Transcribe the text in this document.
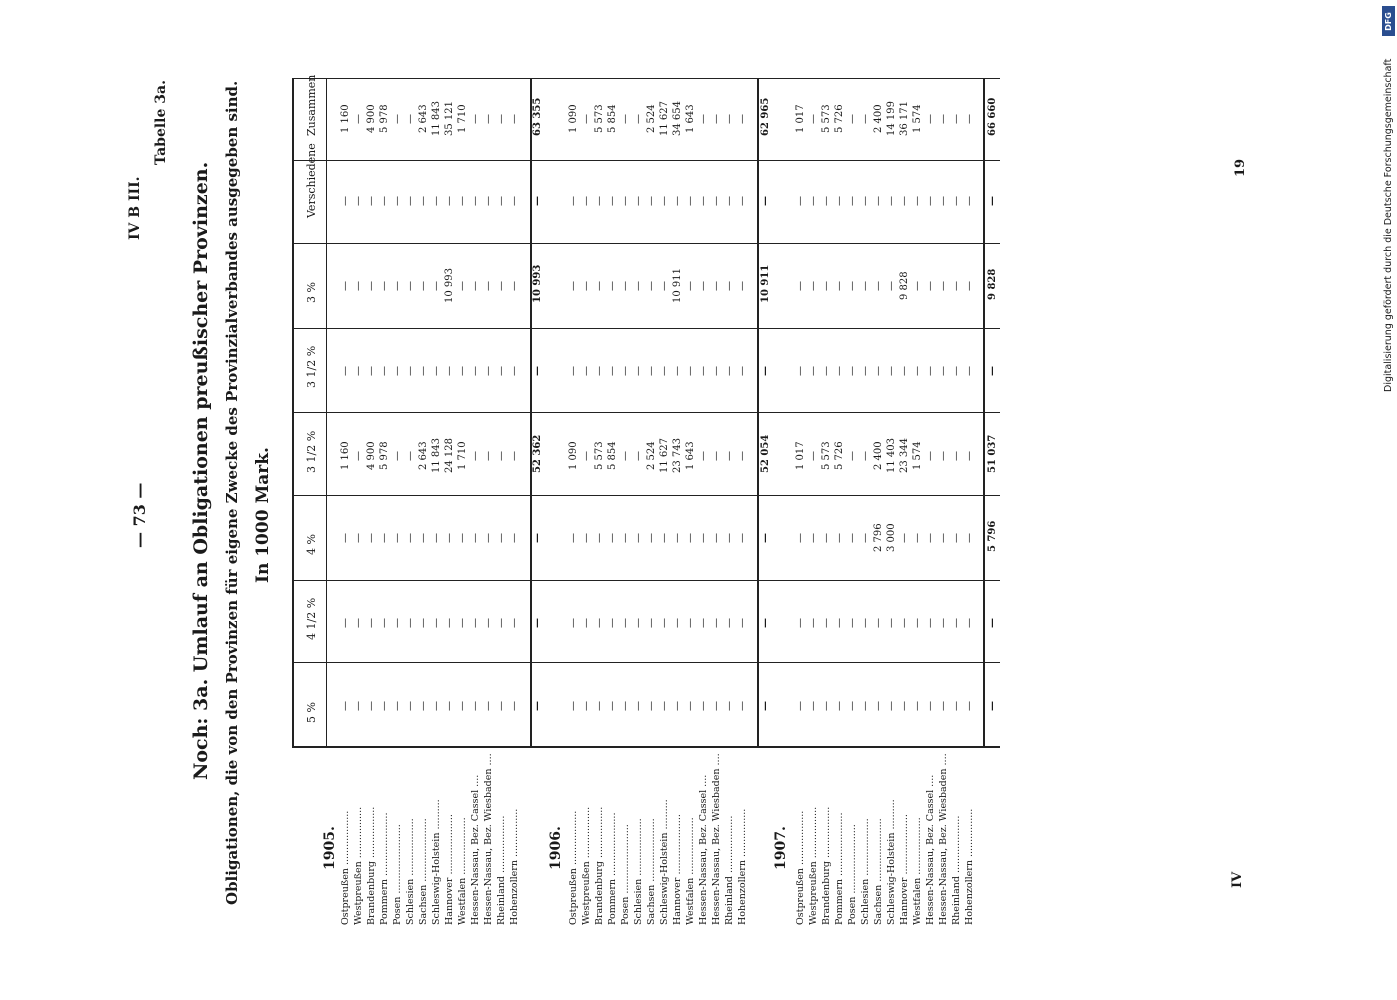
— 73 —
IV B III.
Tabelle 3a.
Noch: 3a. Umlauf an Obligationen preußischer Provinzen. Obligationen, die von den Provinzen für eigene Zwecke des Provinzialverbandes ausgegeben sind. In 1000 Mark.
5 %
4 1/2 %
4 %
3 1/2 %
3 1/2 %
3 %
Verschiedene
Zusammen
1905.
Ostpreußen ..................
Westpreußen .................
Brandenburg .................
Pommern .....................
Posen .......................
Schlesien ...................
Sachsen ..................... Schleswig-Holstein ..........
Hannover ....................
Westfalen ................... Hessen-Nassau, Bez. Cassel .... Hessen-Nassau, Bez. Wiesbaden ....
Rheinland ...................
Hohenzollern ................
—
—
—
1 160
—
—
—
1 160
—
—
—
—
—
—
—
—
—
—
—
4 900
—
—
—
4 900
—
—
—
5 978
—
—
—
5 978
—
—
—
—
—
—
—
—
—
—
—
—
—
—
—
—
—
—
—
2 643
—
—
—
2 643
—
—
—
11 843
—
—
—
11 843
—
—
—
24 128
—
10 993
—
35 121
—
—
—
1 710
—
—
—
1 710
—
—
—
—
—
—
—
—
—
—
—
—
—
—
—
—
—
—
—
—
—
—
—
—
—
—
—
—
—
—
—
—
—
—
—
52 362
—
10 993
—
63 355
1906.
Ostpreußen ..................
Westpreußen .................
Brandenburg .................
Pommern .....................
Posen .......................
Schlesien ...................
Sachsen ..................... Schleswig-Holstein ..........
Hannover ....................
Westfalen ................... Hessen-Nassau, Bez. Cassel .... Hessen-Nassau, Bez. Wiesbaden ....
Rheinland ...................
Hohenzollern ................
—
—
—
1 090
—
—
—
1 090
—
—
—
—
—
—
—
—
—
—
—
5 573
—
—
—
5 573
—
—
—
5 854
—
—
—
5 854
—
—
—
—
—
—
—
—
—
—
—
—
—
—
—
—
—
—
—
2 524
—
—
—
2 524
—
—
—
11 627
—
—
—
11 627
—
—
—
23 743
—
10 911
—
34 654
—
—
—
1 643
—
—
—
1 643
—
—
—
—
—
—
—
—
—
—
—
—
—
—
—
—
—
—
—
—
—
—
—
—
—
—
—
—
—
—
—
—
—
—
—
52 054
—
10 911
—
62 965
1907.
Ostpreußen ..................
Westpreußen .................
Brandenburg .................
Pommern .....................
Posen .......................
Schlesien ...................
Sachsen ..................... Schleswig-Holstein ..........
Hannover ....................
Westfalen ................... Hessen-Nassau, Bez. Cassel .... Hessen-Nassau, Bez. Wiesbaden ....
Rheinland ...................
Hohenzollern ................
—
—
—
1 017
—
—
—
1 017
—
—
—
—
—
—
—
—
—
—
—
5 573
—
—
—
5 573
—
—
—
5 726
—
—
—
5 726
—
—
—
—
—
—
—
—
—
—
—
—
—
—
—
—
—
—
2 796
2 400
—
—
—
2 400
—
—
3 000
11 403
—
—
—
14 199
—
—
—
23 344
—
9 828
—
36 171
—
—
—
1 574
—
—
—
1 574
—
—
—
—
—
—
—
—
—
—
—
—
—
—
—
—
—
—
—
—
—
—
—
—
—
—
—
—
—
—
—
—
—
—
5 796
51 037
—
9 828
—
66 660
IV
19	Digitalisierung gefördert durch die Deutsche Forschungsgemeinschaft
DFG
